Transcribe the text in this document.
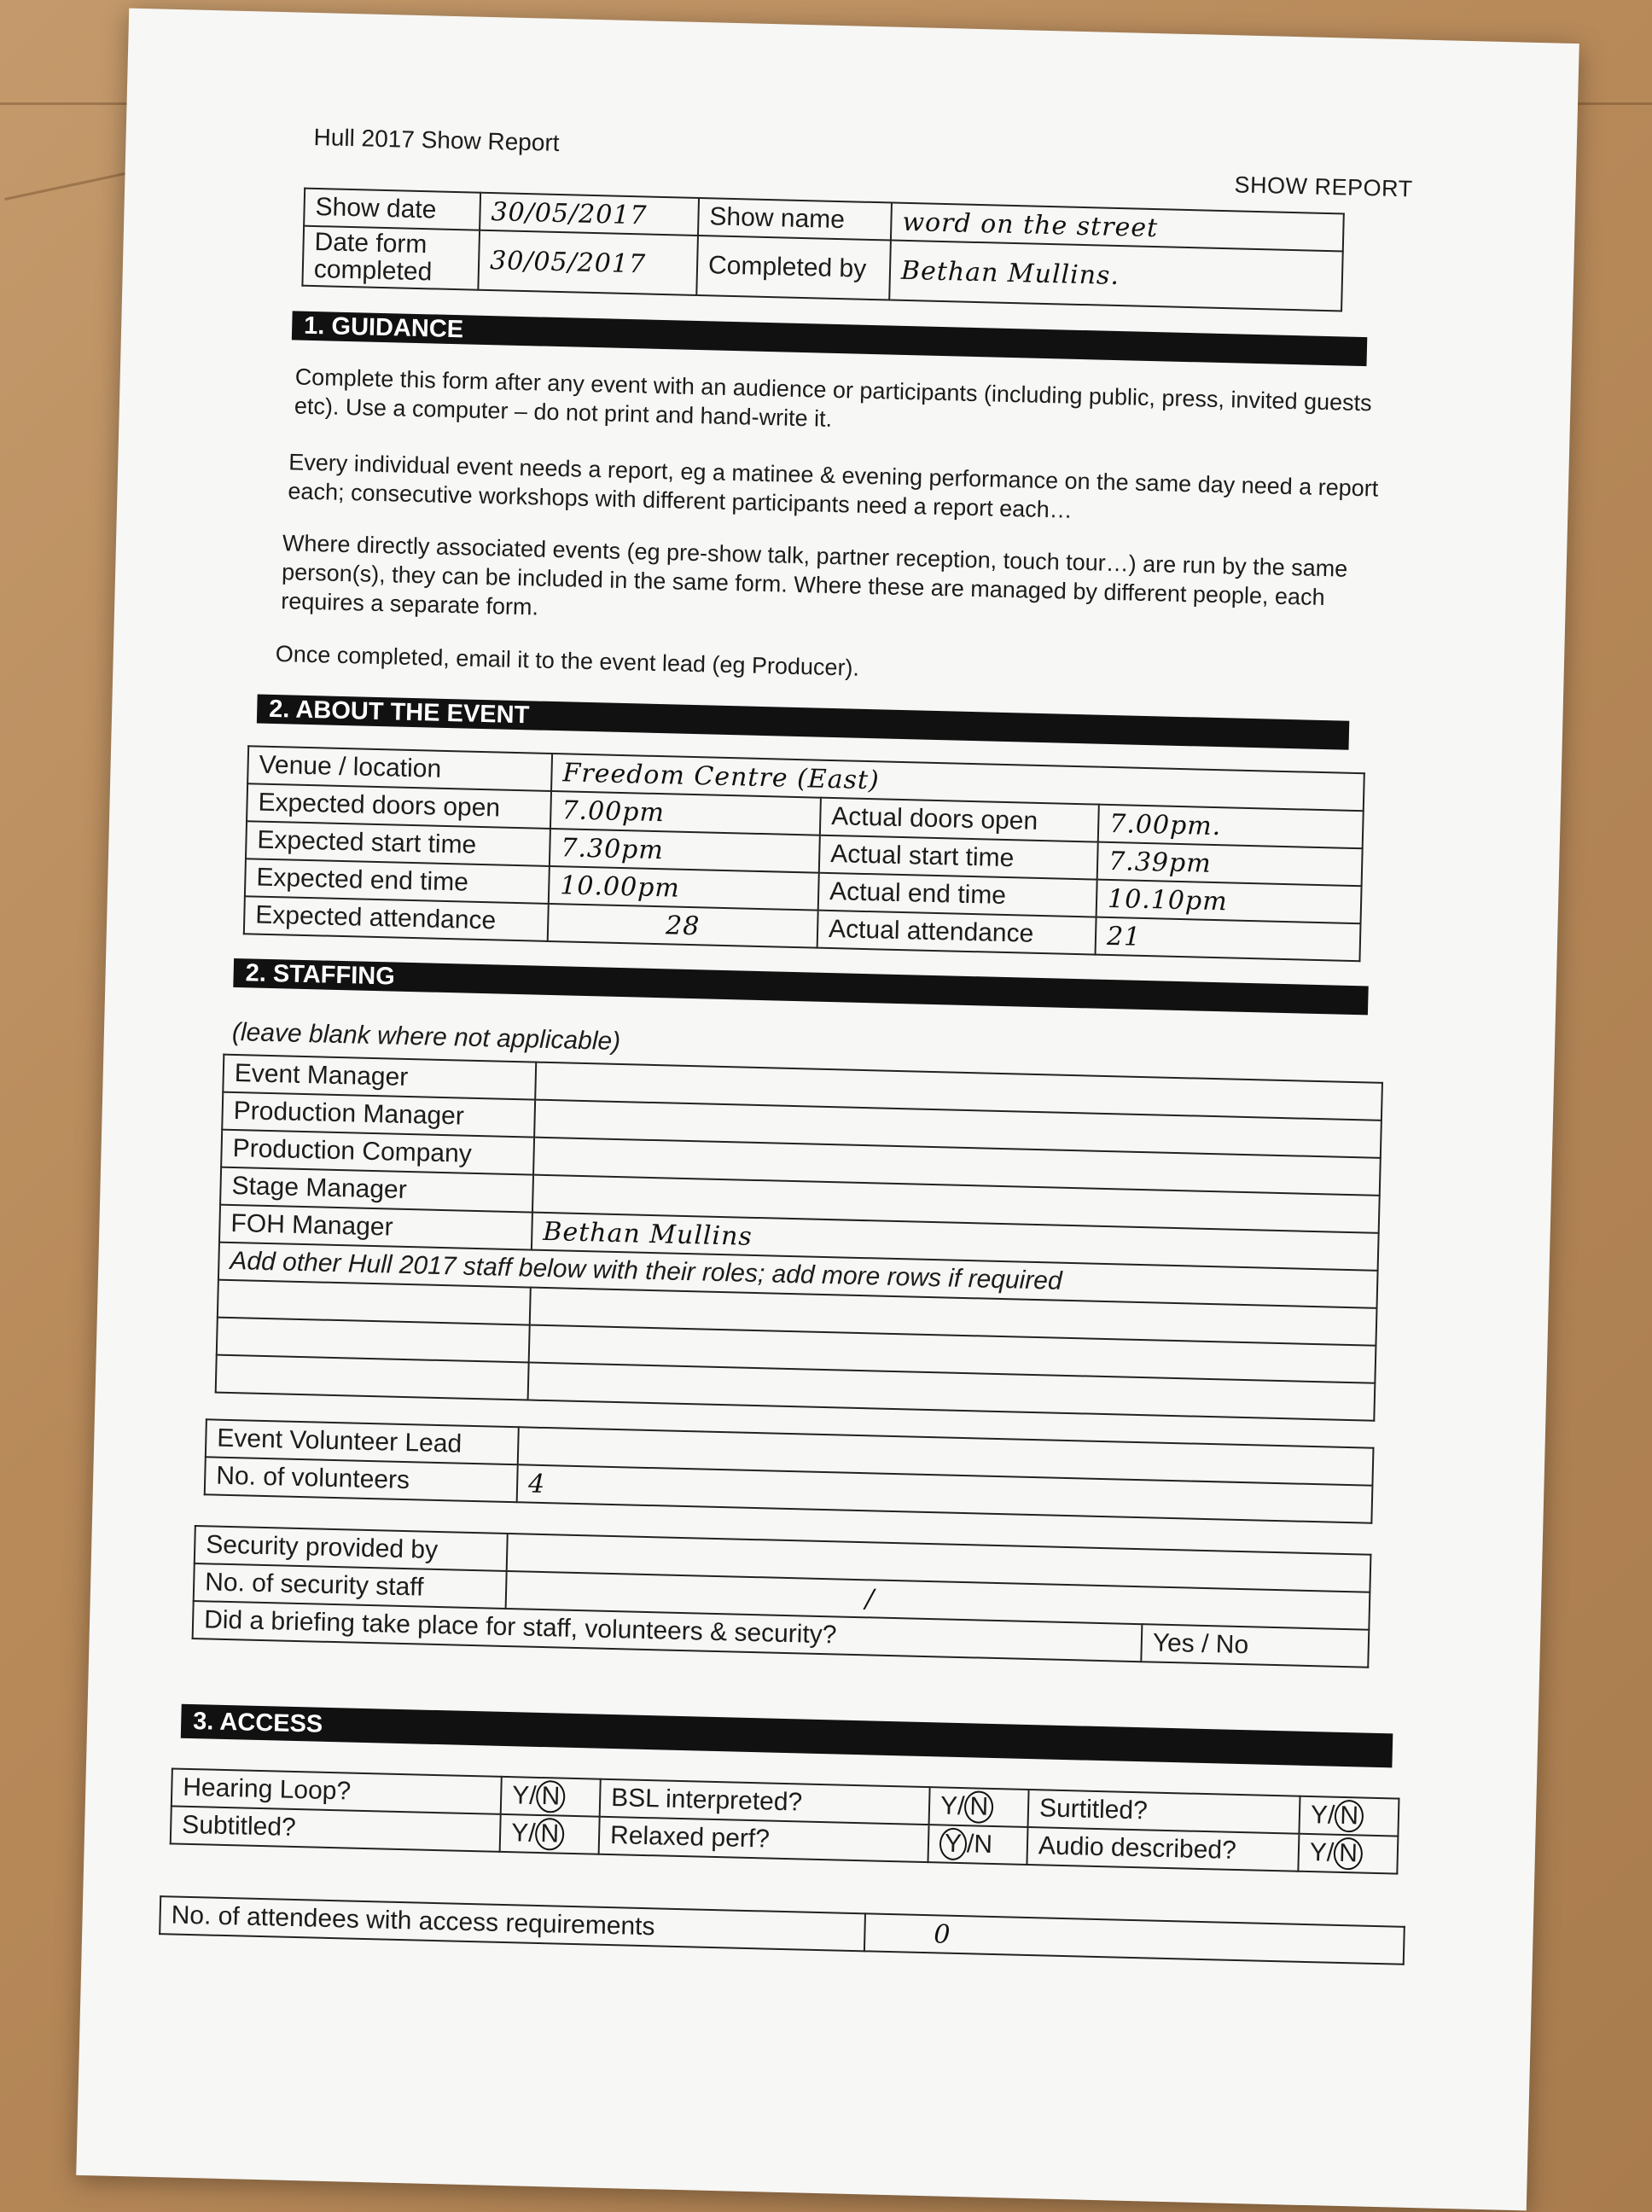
Hull 2017 Show Report
SHOW REPORT
Show date	30/05/2017	Show name	word on the street
Date form completed	30/05/2017	Completed by	Bethan Mullins.
1. GUIDANCE
Complete this form after any event with an audience or participants (including public, press, invited guests etc). Use a computer – do not print and hand-write it.
Every individual event needs a report, eg a matinee & evening performance on the same day need a report each; consecutive workshops with different participants need a report each…
Where directly associated events (eg pre-show talk, partner reception, touch tour…) are run by the same person(s), they can be included in the same form. Where these are managed by different people, each requires a separate form.
Once completed, email it to the event lead (eg Producer).
2. ABOUT THE EVENT
Venue / location	Freedom Centre (East)		
Expected doors open	7.00pm	Actual doors open	7.00pm.
Expected start time	7.30pm	Actual start time	7.39pm
Expected end time	10.00pm	Actual end time	10.10pm
Expected attendance	28	Actual attendance	21
2. STAFFING
(leave blank where not applicable)
Event Manager	
Production Manager	
Production Company	
Stage Manager	
FOH Manager	Bethan Mullins
Add other Hull 2017 staff below with their roles; add more rows if required	

Event Volunteer Lead	
No. of volunteers	4
Security provided by		
No. of security staff	/	
Did a briefing take place for staff, volunteers & security?		Yes / No
3. ACCESS
Hearing Loop?	Y/ N	BSL interpreted?	Y/ N	Surtitled?	Y/ N
Subtitled?	Y/ N	Relaxed perf?	Y /N	Audio described?	Y/ N
No. of attendees with access requirements	0
